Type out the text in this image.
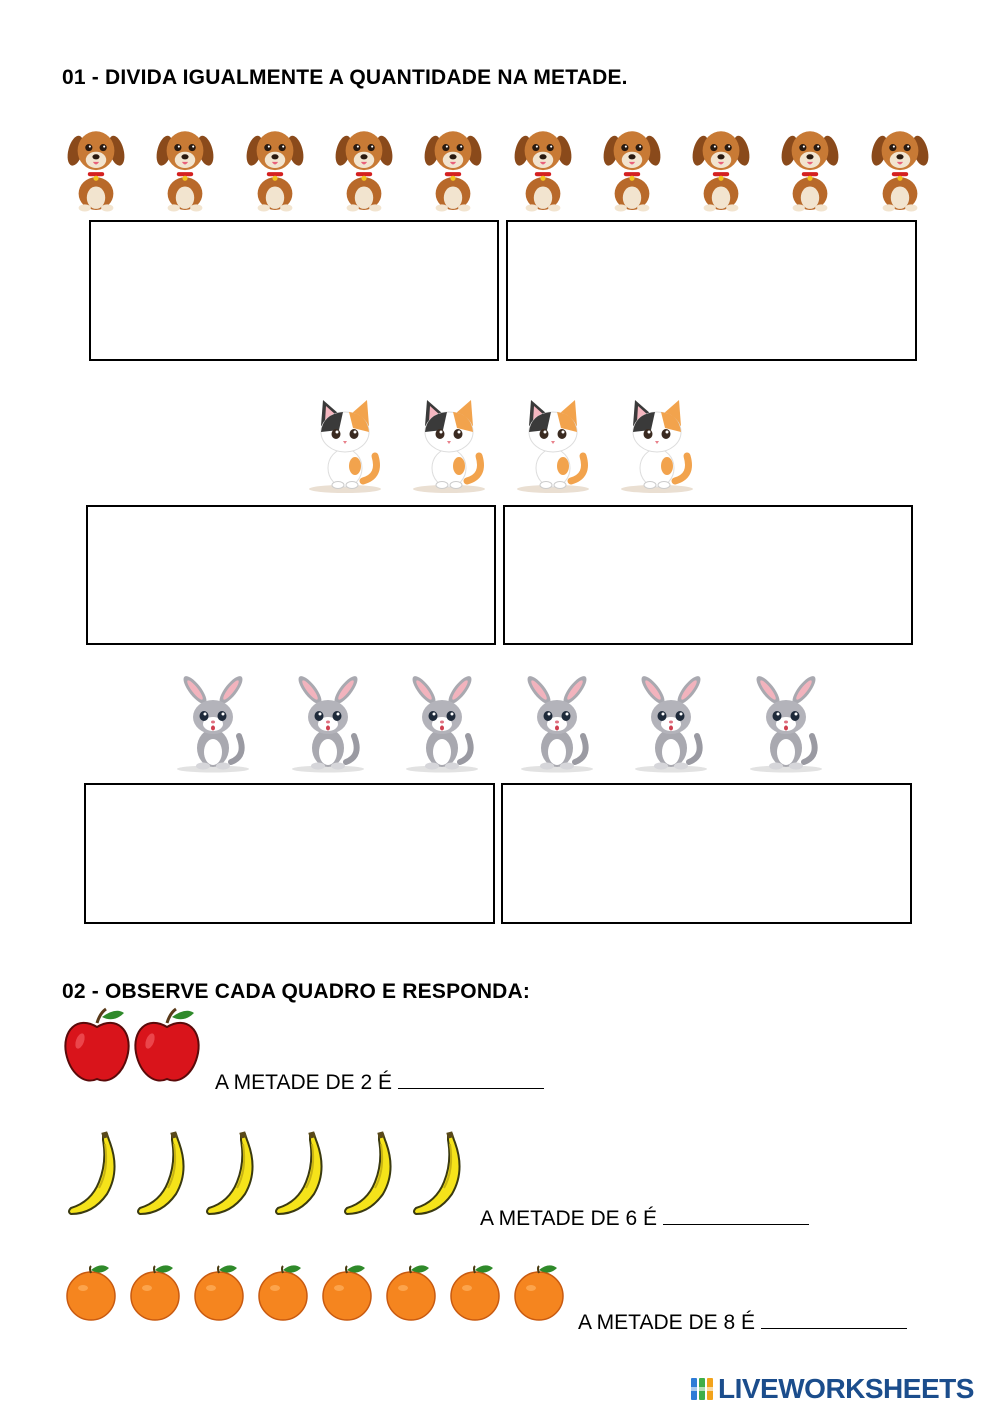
01 - DIVIDA IGUALMENTE A QUANTIDADE NA METADE.
02 - OBSERVE CADA QUADRO E RESPONDA:
A METADE DE 2 É
A METADE DE 6 É
A METADE DE 8 É
LIVEWORKSHEETS
